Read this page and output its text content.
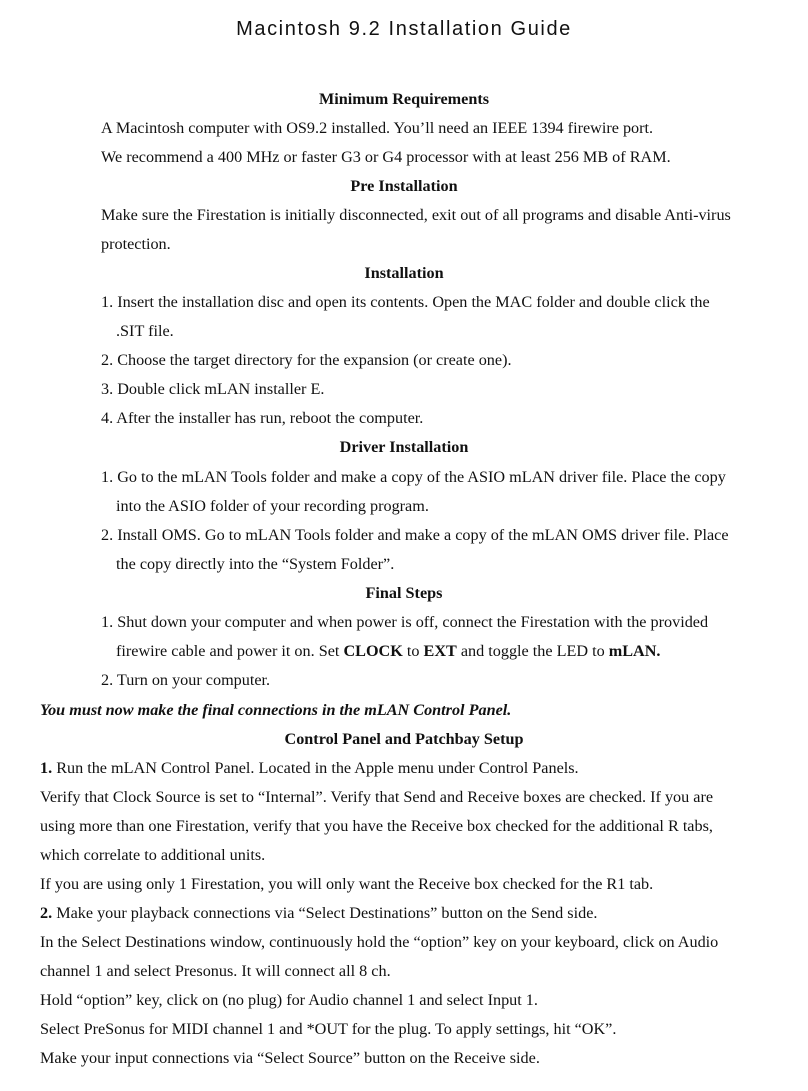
Macintosh 9.2 Installation Guide
Minimum Requirements
A Macintosh computer with OS9.2 installed. You’ll need an IEEE 1394 firewire port.
We recommend a 400 MHz or faster G3 or G4 processor with at least 256 MB of RAM.
Pre Installation
Make sure the Firestation is initially disconnected, exit out of all programs and disable Anti-virus
protection.
Installation
1. Insert the installation disc and open its contents. Open the MAC folder and double click the
.SIT file.
2. Choose the target directory for the expansion (or create one).
3. Double click mLAN installer E.
4. After the installer has run, reboot the computer.
Driver Installation
1. Go to the mLAN Tools folder and make a copy of the ASIO mLAN driver file. Place the copy
into the ASIO folder of your recording program.
2. Install OMS. Go to mLAN Tools folder and make a copy of the mLAN OMS driver file. Place
the copy directly into the “System Folder”.
Final Steps
1. Shut down your computer and when power is off, connect the Firestation with the provided
firewire cable and power it on. Set CLOCK to EXT and toggle the LED to mLAN.
2. Turn on your computer.
You must now make the final connections in the mLAN Control Panel.
Control Panel and Patchbay Setup
1. Run the mLAN Control Panel. Located in the Apple menu under Control Panels.
Verify that Clock Source is set to “Internal”. Verify that Send and Receive boxes are checked. If you are
using more than one Firestation, verify that you have the Receive box checked for the additional R tabs,
which correlate to additional units.
If you are using only 1 Firestation, you will only want the Receive box checked for the R1 tab.
2. Make your playback connections via “Select Destinations” button on the Send side.
In the Select Destinations window, continuously hold the “option” key on your keyboard, click on Audio
channel 1 and select Presonus. It will connect all 8 ch.
Hold “option” key, click on (no plug) for Audio channel 1 and select Input 1.
Select PreSonus for MIDI channel 1 and *OUT for the plug. To apply settings, hit “OK”.
Make your input connections via “Select Source” button on the Receive side.
